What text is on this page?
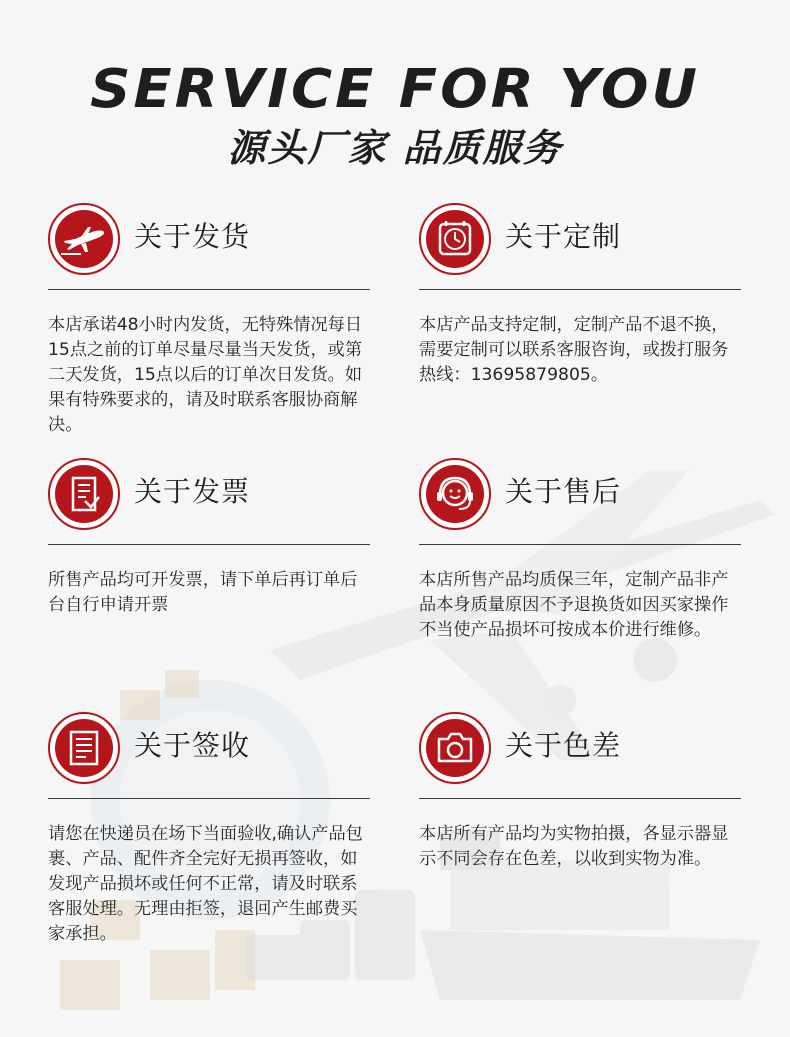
SERVICE FOR YOU
源头厂家 品质服务
关于发货
本店承诺48小时内发货，无特殊情况每日15点之前的订单尽量尽量当天发货，或第二天发货，15点以后的订单次日发货。如果有特殊要求的，请及时联系客服协商解决。
关于定制
本店产品支持定制，定制产品不退不换，需要定制可以联系客服咨询，或拨打服务热线：13695879805。
关于发票
所售产品均可开发票，请下单后再订单后台自行申请开票
关于售后
本店所售产品均质保三年，定制产品非产品本身质量原因不予退换货如因买家操作不当使产品损坏可按成本价进行维修。
关于签收
请您在快递员在场下当面验收,确认产品包裹、产品、配件齐全完好无损再签收，如发现产品损坏或任何不正常，请及时联系客服处理。无理由拒签，退回产生邮费买家承担。
关于色差
本店所有产品均为实物拍摄，各显示器显示不同会存在色差，以收到实物为准。
